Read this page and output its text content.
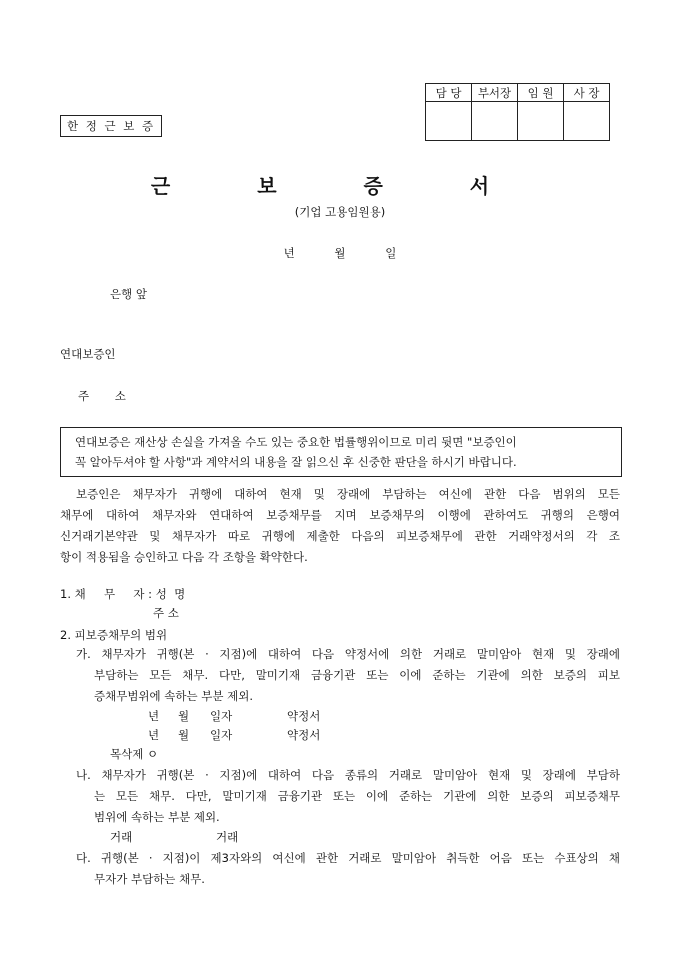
담 당	부서장	임 원	사 장

한 정 근 보 증
근 보 증 서
(기업 고용임원용)
년 월 일
은행 앞
연대보증인
주       소
연대보증은 재산상 손실을 가져올 수도 있는 중요한 법률행위이므로 미리 뒷면 "보증인이
꼭 알아두셔야 할 사항"과 계약서의 내용을 잘 읽으신 후 신중한 판단을 하시기 바랍니다.
보증인은 채무자가 귀행에 대하여 현재 및 장래에 부담하는 여신에 관한 다음 범위의 모든
채무에 대하여 채무자와 연대하여 보증채무를 지며 보증채무의 이행에 관하여도 귀행의 은행여
신거래기본약관 및 채무자가 따로 귀행에 제출한 다음의 피보증채무에 관한 거래약정서의 각 조
항이 적용됨을 승인하고 다음 각 조항을 확약한다.
1. 채     무     자 : 성  명
주 소
2. 피보증채무의 범위
가. 채무자가 귀행(본 · 지점)에 대하여 다음 약정서에 의한 거래로 말미암아 현재 및 장래에
부담하는 모든 채무. 다만, 말미기재 금융기관 또는 이에 준하는 기관에 의한 보증의 피보
증채무범위에 속하는 부분 제외.
년 월 일자	약정서
년 월 일자	약정서
목삭제 ㅇ
나. 채무자가 귀행(본 · 지점)에 대하여 다음 종류의 거래로 말미암아 현재 및 장래에 부담하
는 모든 채무. 다만, 말미기재 금융기관 또는 이에 준하는 기관에 의한 보증의 피보증채무
범위에 속하는 부분 제외.
거래	거래
다. 귀행(본 · 지점)이 제3자와의 여신에 관한 거래로 말미암아 취득한 어음 또는 수표상의 채
무자가 부담하는 채무.
